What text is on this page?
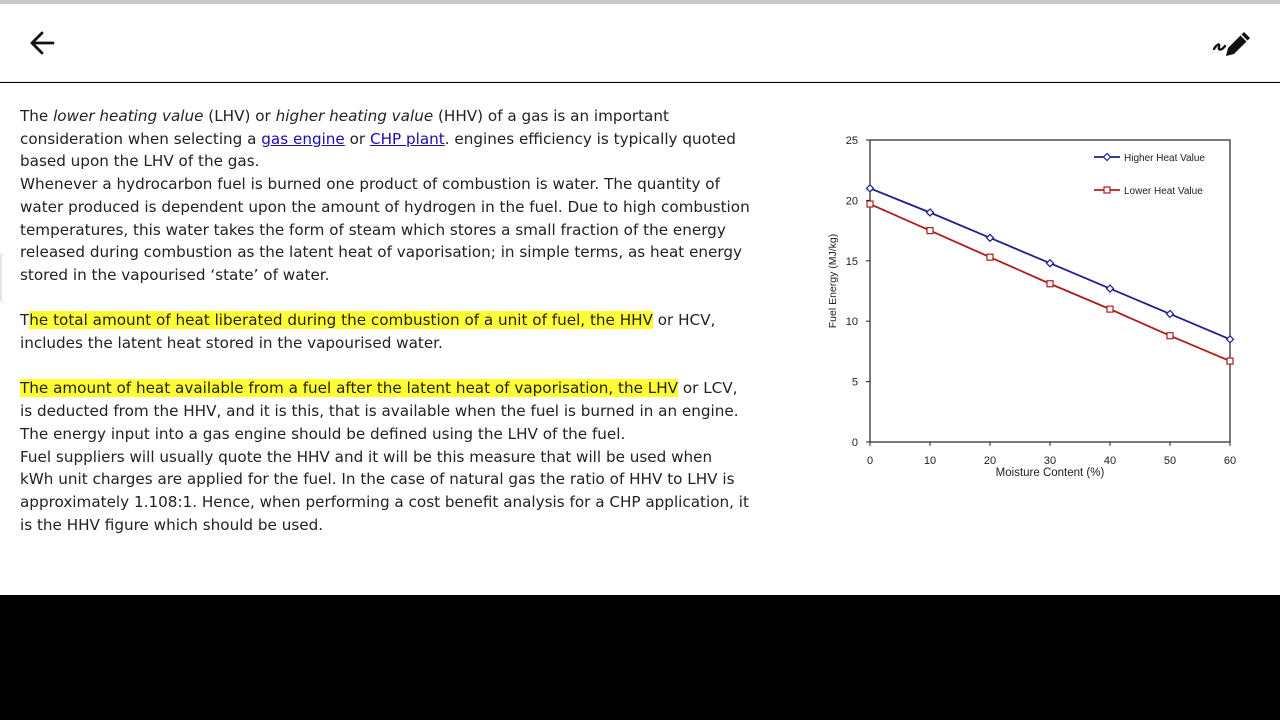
The lower heating value (LHV) or higher heating value (HHV) of a gas is an important consideration when selecting a gas engine or CHP plant. engines efficiency is typically quoted based upon the LHV of the gas.

Whenever a hydrocarbon fuel is burned one product of combustion is water. The quantity of water produced is dependent upon the amount of hydrogen in the fuel. Due to high combustion temperatures, this water takes the form of steam which stores a small fraction of the energy released during combustion as the latent heat of vaporisation; in simple terms, as heat energy stored in the vapourised ‘state’ of water.

The total amount of heat liberated during the combustion of a unit of fuel, the HHV or HCV, includes the latent heat stored in the vapourised water.

The amount of heat available from a fuel after the latent heat of vaporisation, the LHV or LCV, is deducted from the HHV, and it is this, that is available when the fuel is burned in an engine.

The energy input into a gas engine should be defined using the LHV of the fuel.

Fuel suppliers will usually quote the HHV and it will be this measure that will be used when kWh unit charges are applied for the fuel. In the case of natural gas the ratio of HHV to LHV is approximately 1.108:1. Hence, when performing a cost benefit analysis for a CHP application, it is the HHV figure which should be used.

0
5
10
15
20
25
0	10	20	30	40	50	60
Moisture Content (%)
Fuel Energy (MJ/kg)
Higher Heat Value
Lower Heat Value
